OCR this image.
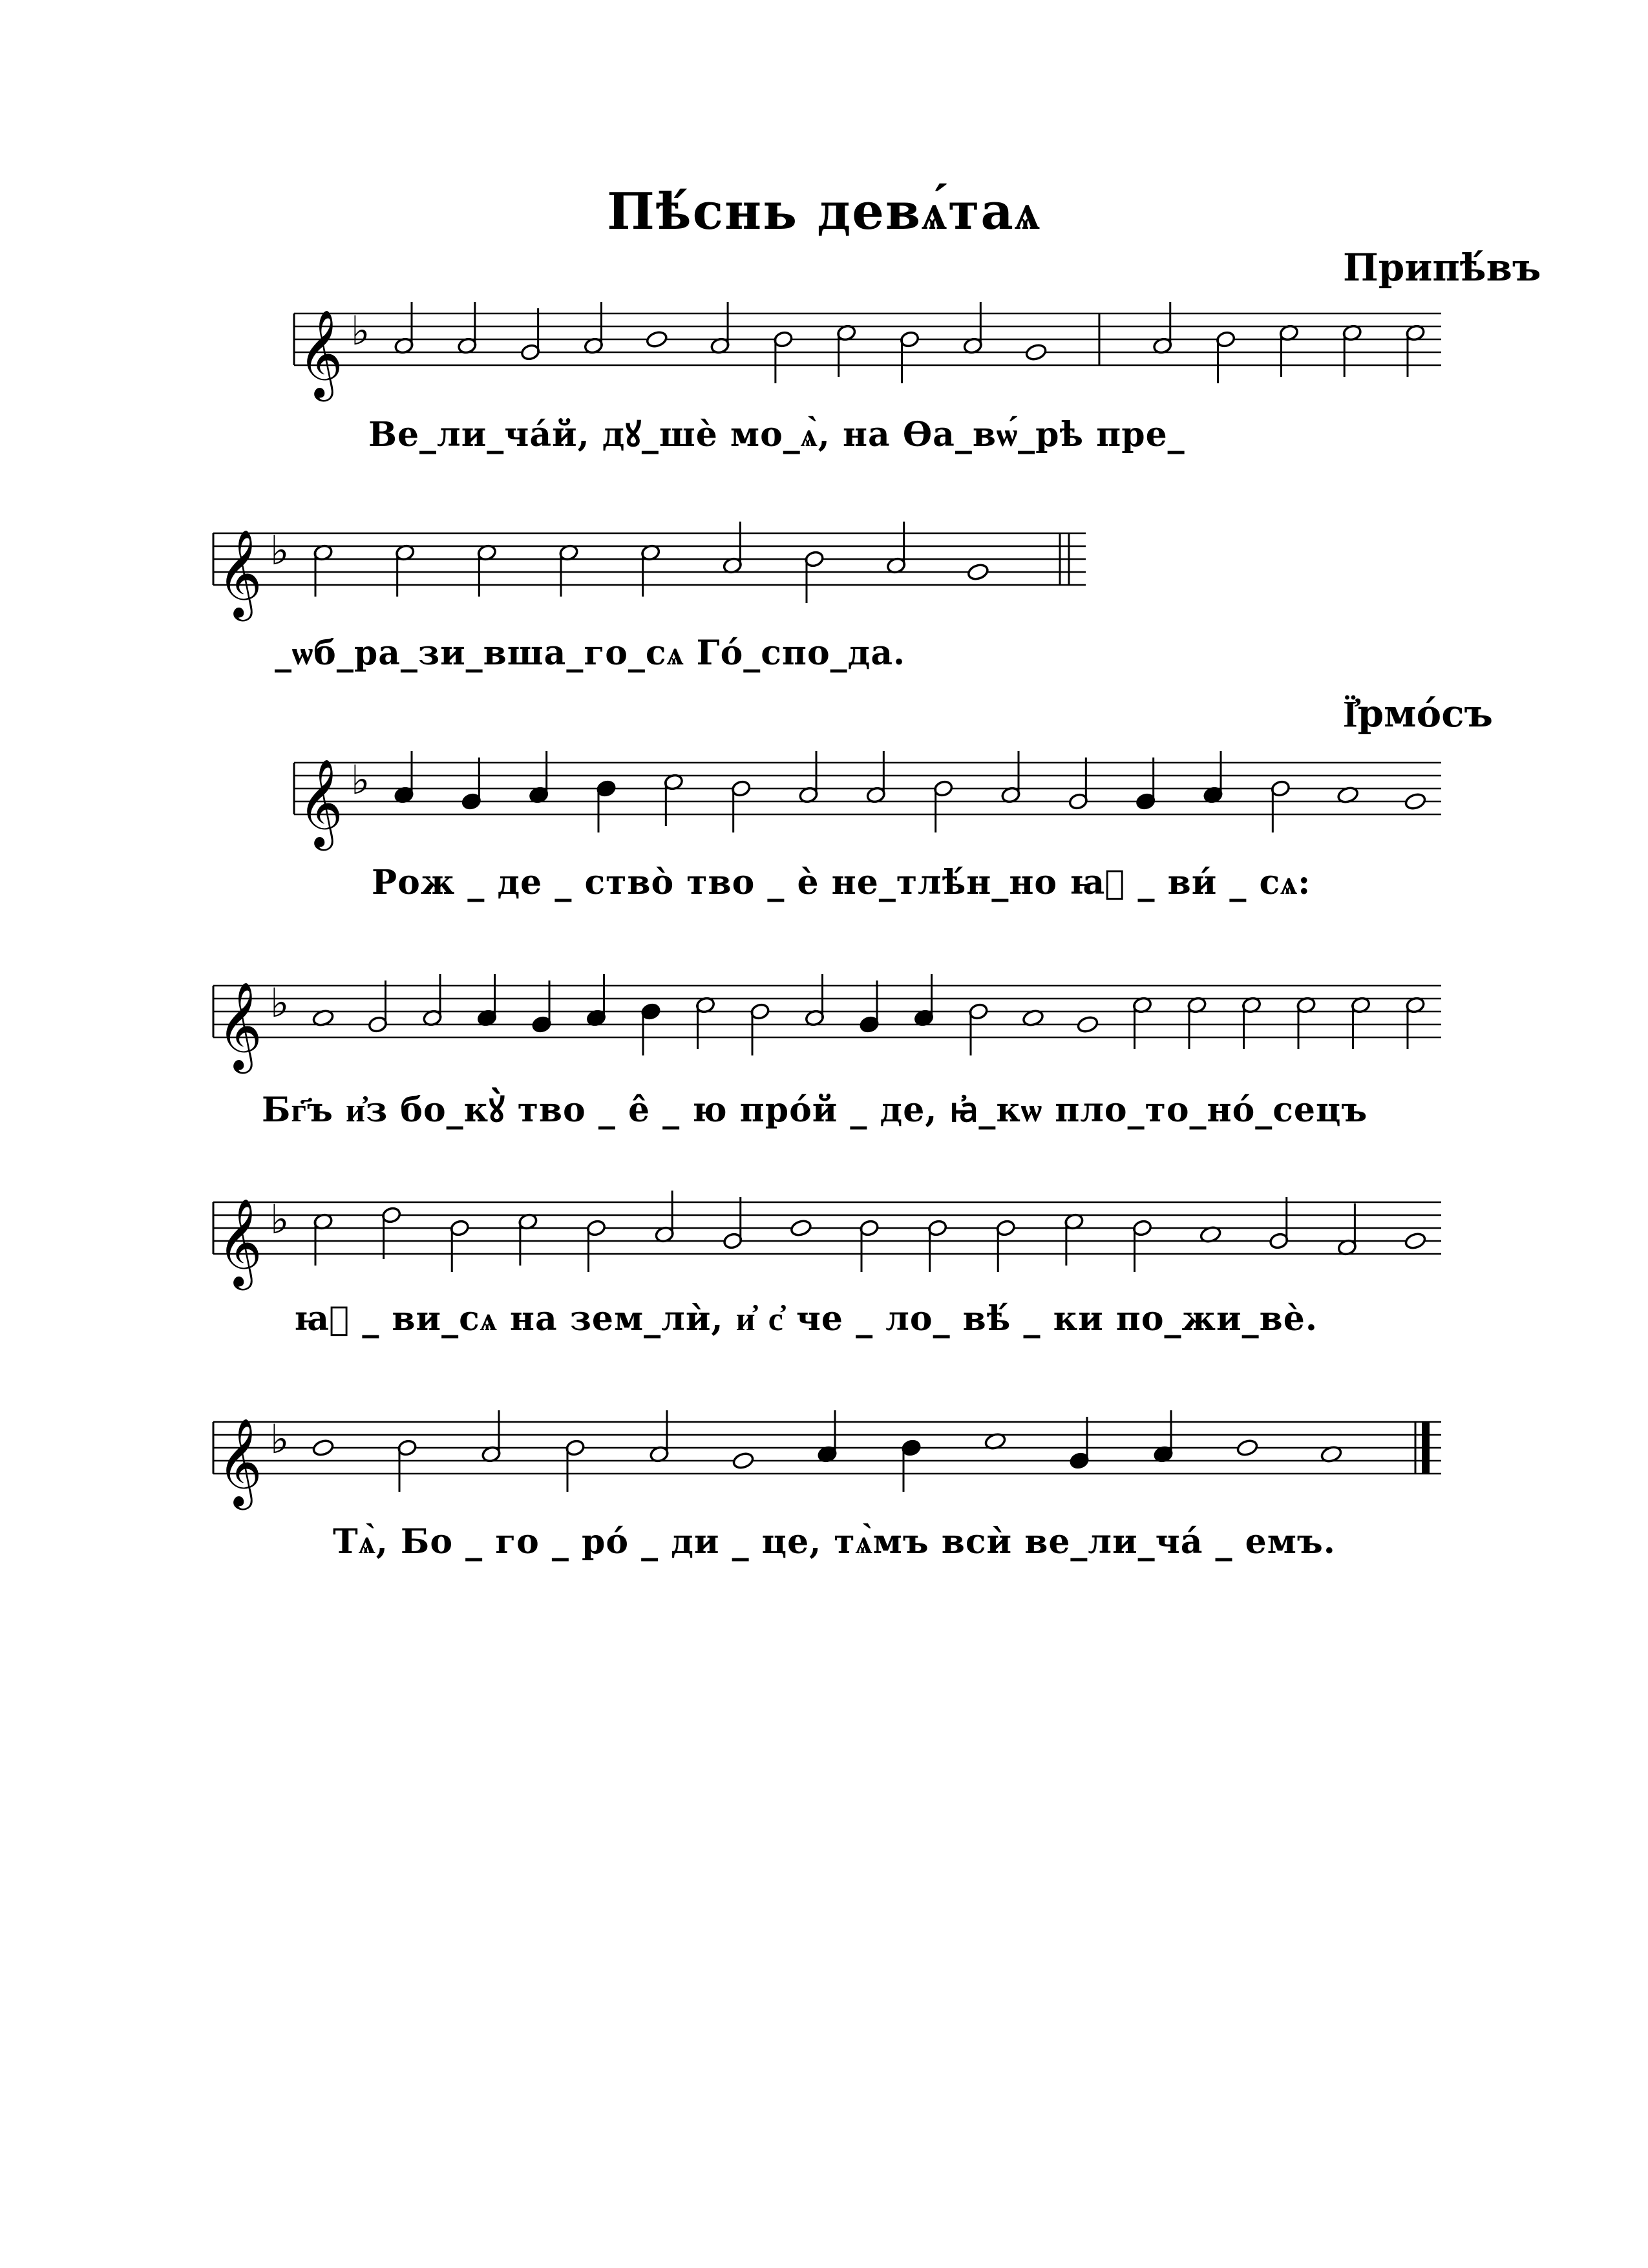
𝄞 ♭
𝄞 ♭
𝄞 ♭
𝄞 ♭
𝄞 ♭
𝄞 ♭
Пѣ́снь девѧ́таѧ
Припѣ́въ
Ї҆рмо́съ
Ве_ли_ча́й, дꙋ_шѐ мо_ѧ̀, на Ѳа_вѡ́_рѣ пре_
_ѡб_ра_зи_вша_го_сѧ Го́_спо_да.
Рож _ де _ ство̀ тво _ ѐ не_тлѣ́н_но ꙗ҆ _ ви́ _ сѧ:
Бг҃ъ и҆з бо_кꙋ̀ тво _ е̂ _ ю про́й _ де, ꙗ҆_кѡ пло_то_но́_сецъ
ꙗ҆ _ ви_сѧ на зем_лѝ, и҆ с҆ че _ ло_ вѣ́ _ ки по_жи_вѐ.
Тѧ̀, Бо _ го _ ро́ _ ди _ це, тѧ̀мъ всѝ ве_ли_ча́ _ емъ.
